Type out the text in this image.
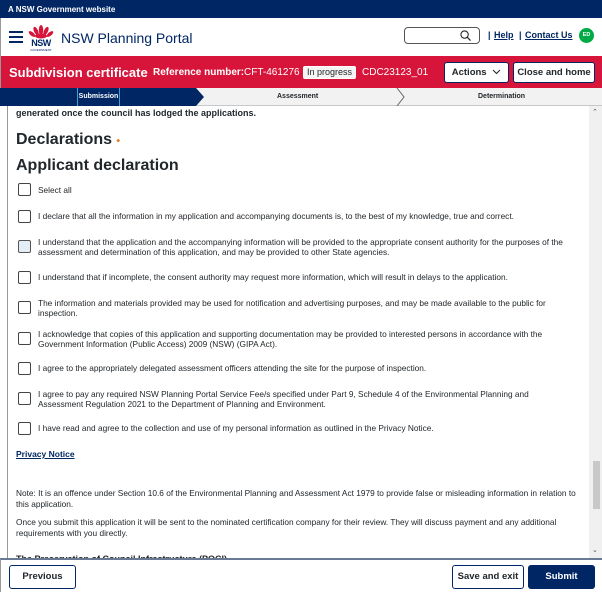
A NSW Government website
NSW
GOVERNMENT
NSW Planning Portal	| Help | Contact Us	ED
Subdivision certificate Reference number: CFT-461276 In progress CDC23123_01	Actions	Close and home
Submission	Assessment	Determination
generated once the council has lodged the applications.
Declarations •
Applicant declaration
Select all
I declare that all the information in my application and accompanying documents is, to the best of my knowledge, true and correct.
I understand that the application and the accompanying information will be provided to the appropriate consent authority for the purposes of the assessment and determination of this application, and may be provided to other State agencies.
I understand that if incomplete, the consent authority may request more information, which will result in delays to the application.
The information and materials provided may be used for notification and advertising purposes, and may be made available to the public for inspection.
I acknowledge that copies of this application and supporting documentation may be provided to interested persons in accordance with the Government Information (Public Access) 2009 (NSW) (GIPA Act).
I agree to the appropriately delegated assessment officers attending the site for the purpose of inspection.
I agree to pay any required NSW Planning Portal Service Fee/s specified under Part 9, Schedule 4 of the Environmental Planning and Assessment Regulation 2021 to the Department of Planning and Environment.
I have read and agree to the collection and use of my personal information as outlined in the Privacy Notice.
Privacy Notice
Note: It is an offence under Section 10.6 of the Environmental Planning and Assessment Act 1979 to provide false or misleading information in relation to this application.
Once you submit this application it will be sent to the nominated certification company for their review. They will discuss payment and any additional requirements with you directly.
⌃
⌄
Previous	Save and exit	Submit
